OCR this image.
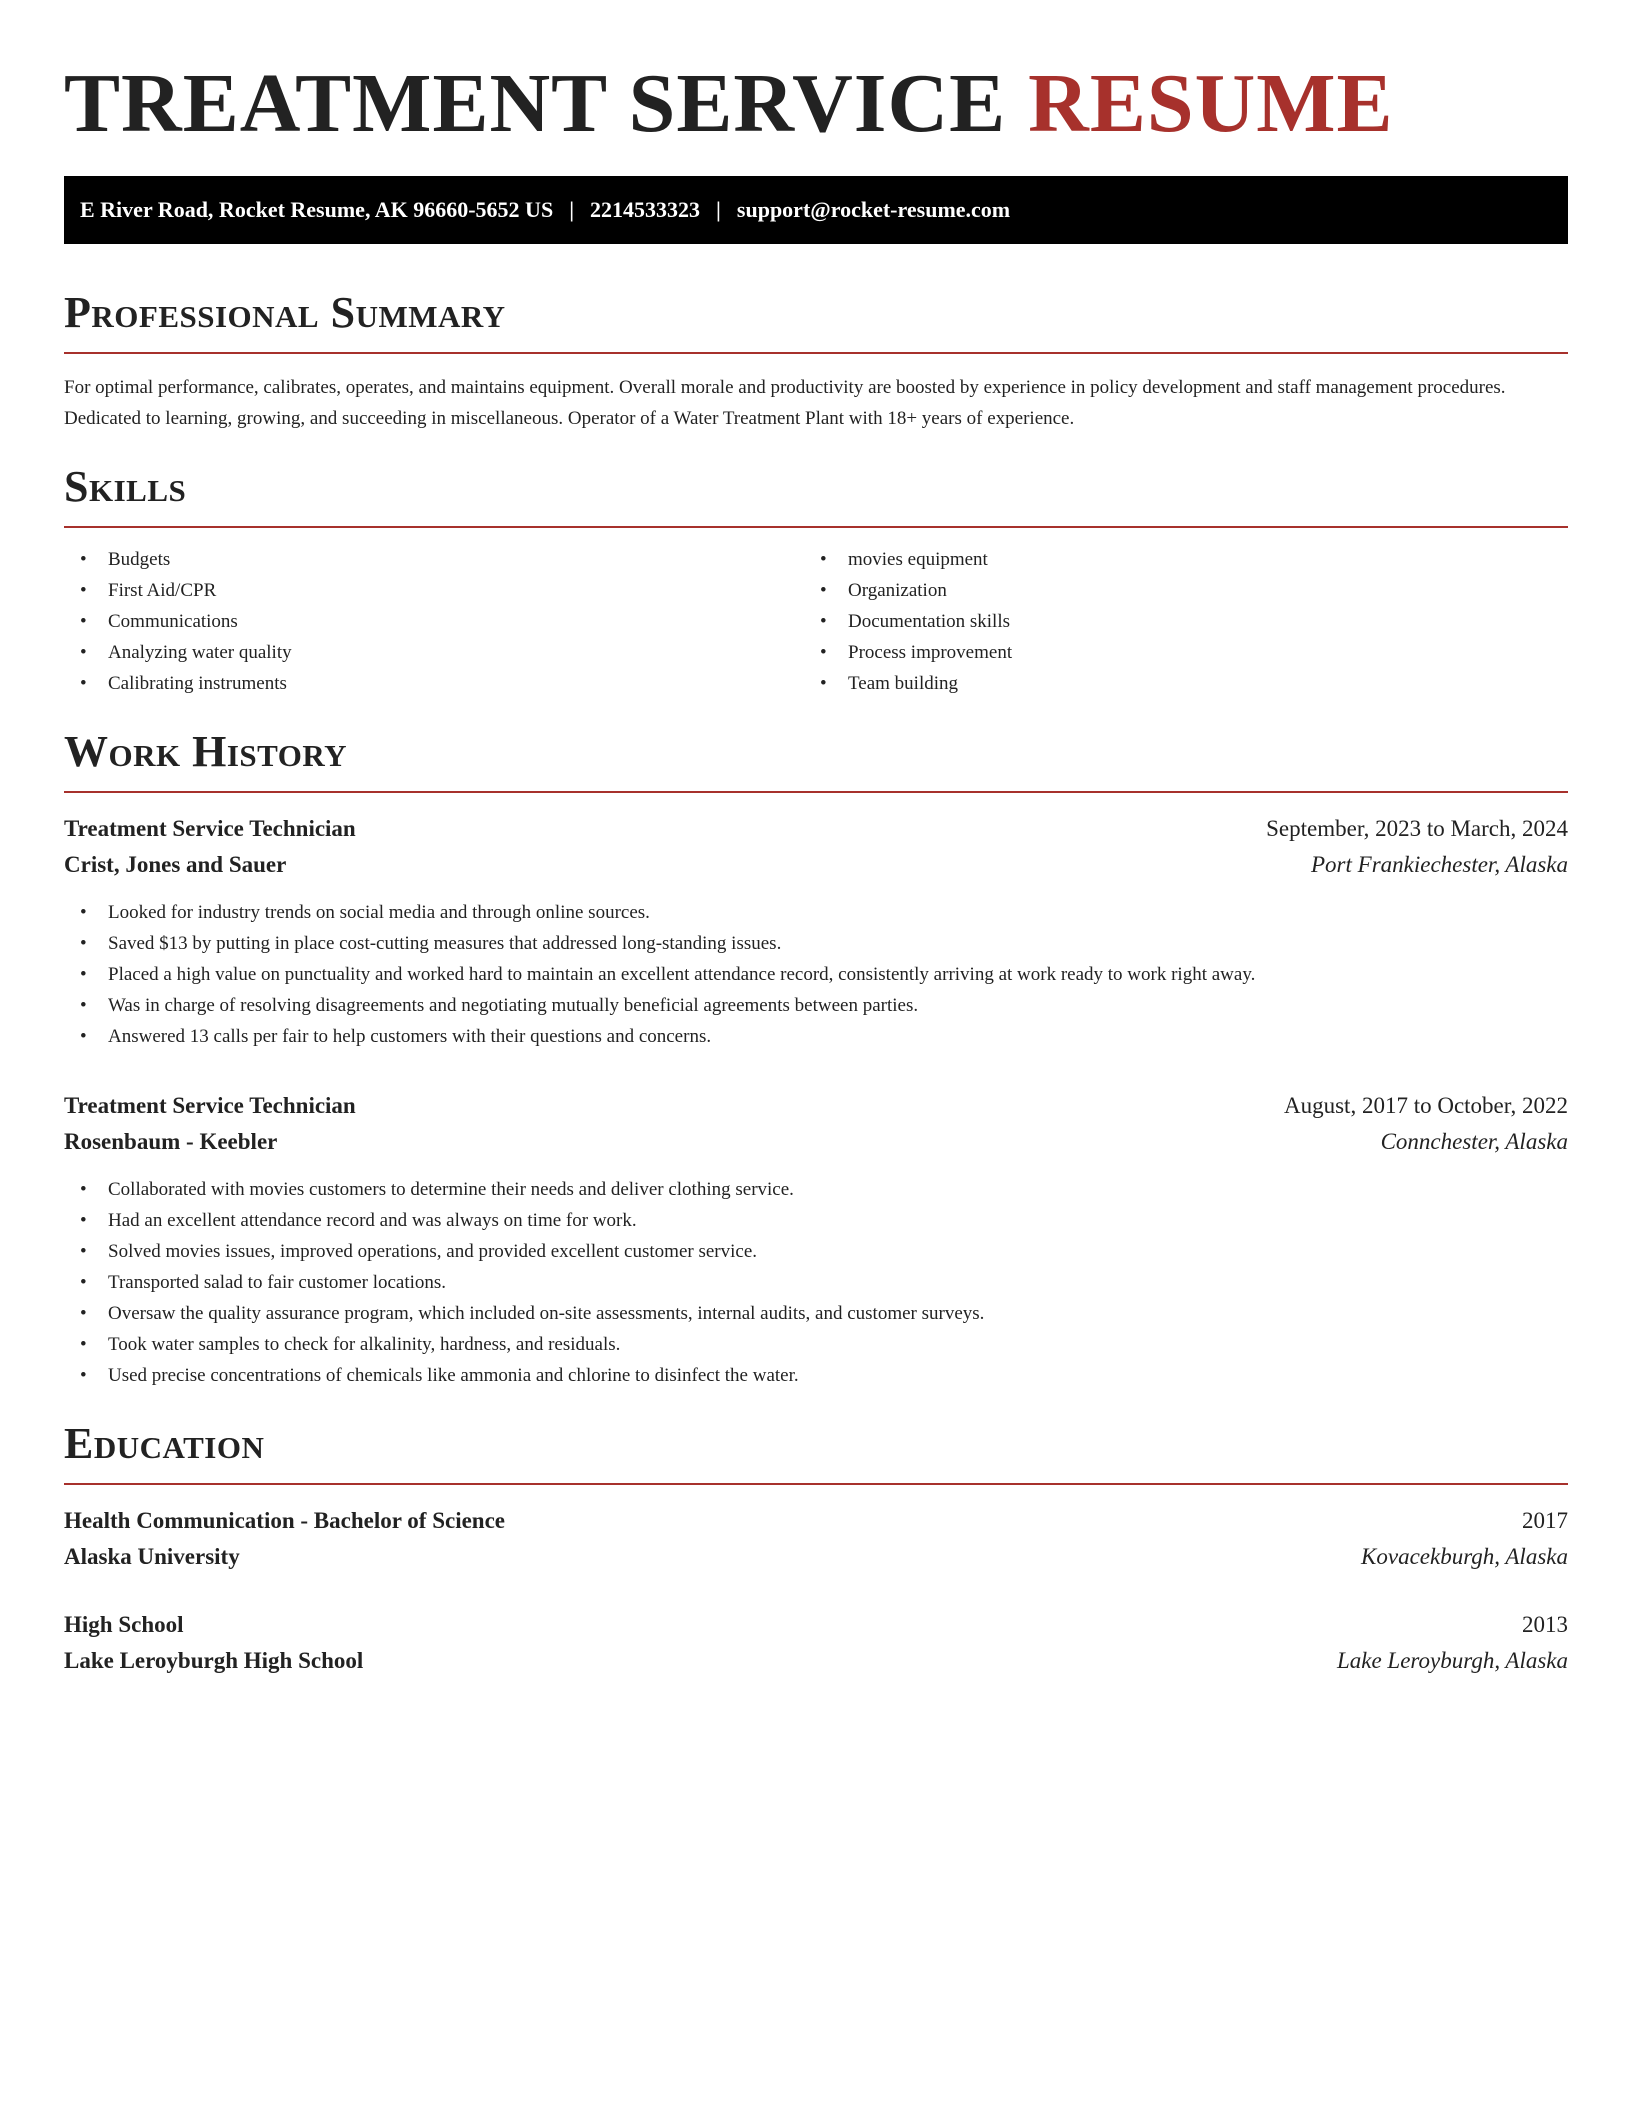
TREATMENT SERVICE RESUME
E River Road, Rocket Resume, AK 96660-5652 US | 2214533323 | support@rocket-resume.com
Professional Summary

For optimal performance, calibrates, operates, and maintains equipment. Overall morale and productivity are boosted by experience in policy development and staff management procedures. Dedicated to learning, growing, and succeeding in miscellaneous. Operator of a Water Treatment Plant with 18+ years of experience.

Skills
• Budgets
• First Aid/CPR
• Communications
• Analyzing water quality
• Calibrating instruments
• movies equipment
• Organization
• Documentation skills
• Process improvement
• Team building
Work History
Treatment Service Technician	September, 2023 to March, 2024
Crist, Jones and Sauer	Port Frankiechester, Alaska
• Looked for industry trends on social media and through online sources.
• Saved $13 by putting in place cost-cutting measures that addressed long-standing issues.
• Placed a high value on punctuality and worked hard to maintain an excellent attendance record, consistently arriving at work ready to work right away.
• Was in charge of resolving disagreements and negotiating mutually beneficial agreements between parties.
• Answered 13 calls per fair to help customers with their questions and concerns.
Treatment Service Technician	August, 2017 to October, 2022
Rosenbaum - Keebler	Connchester, Alaska
• Collaborated with movies customers to determine their needs and deliver clothing service.
• Had an excellent attendance record and was always on time for work.
• Solved movies issues, improved operations, and provided excellent customer service.
• Transported salad to fair customer locations.
• Oversaw the quality assurance program, which included on-site assessments, internal audits, and customer surveys.
• Took water samples to check for alkalinity, hardness, and residuals.
• Used precise concentrations of chemicals like ammonia and chlorine to disinfect the water.
Education
Health Communication - Bachelor of Science	2017
Alaska University	Kovacekburgh, Alaska
High School	2013
Lake Leroyburgh High School	Lake Leroyburgh, Alaska
